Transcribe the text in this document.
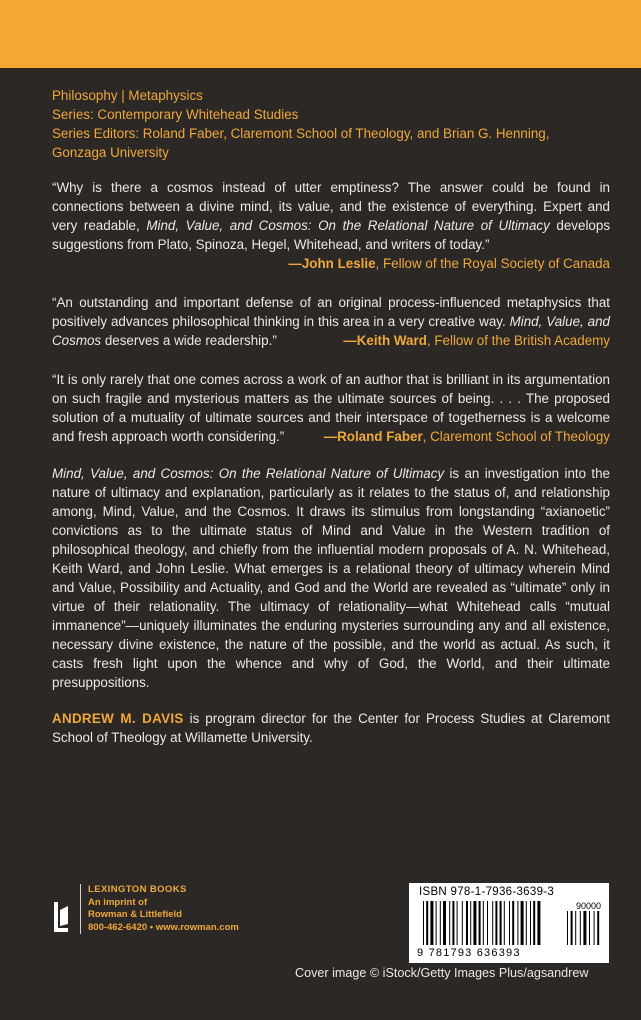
Philosophy | Metaphysics
Series: Contemporary Whitehead Studies
Series Editors: Roland Faber, Claremont School of Theology, and Brian G. Henning,
Gonzaga University

“Why is there a cosmos instead of utter emptiness? The answer could be found in connections between a divine mind, its value, and the existence of everything. Expert and very readable, Mind, Value, and Cosmos: On the Relational Nature of Ultimacy develops suggestions from Plato, Spinoza, Hegel, Whitehead, and writers of today.”

—John Leslie, Fellow of the Royal Society of Canada

“An outstanding and important defense of an original process-influenced metaphysics that positively advances philosophical thinking in this area in a very creative way. Mind, Value, and Cosmos deserves a wide readership.”	—Keith Ward, Fellow of the British Academy

“It is only rarely that one comes across a work of an author that is brilliant in its argumentation on such fragile and mysterious matters as the ultimate sources of being. . . . The proposed solution of a mutuality of ultimate sources and their interspace of togetherness is a welcome and fresh approach worth considering.”	—Roland Faber, Claremont School of Theology

Mind, Value, and Cosmos: On the Relational Nature of Ultimacy is an investigation into the nature of ultimacy and explanation, particularly as it relates to the status of, and relationship among, Mind, Value, and the Cosmos. It draws its stimulus from longstanding “axianoetic” convictions as to the ultimate status of Mind and Value in the Western tradition of philosophical theology, and chiefly from the influential modern proposals of A. N. Whitehead, Keith Ward, and John Leslie. What emerges is a relational theory of ultimacy wherein Mind and Value, Possibility and Actuality, and God and the World are revealed as “ultimate” only in virtue of their relationality. The ultimacy of relationality—what Whitehead calls “mutual immanence”—uniquely illuminates the enduring mysteries surrounding any and all existence, necessary divine existence, the nature of the possible, and the world as actual. As such, it casts fresh light upon the whence and why of God, the World, and their ultimate presuppositions.
ANDREW M. DAVIS is program director for the Center for Process Studies at Claremont School of Theology at Willamette University.
LEXINGTON BOOKS
An imprint of
Rowman & Littlefield
800-462-6420 • www.rowman.com
ISBN 978-1-7936-3639-3
90000
9 781793 636393
Cover image © iStock/Getty Images Plus/agsandrew
